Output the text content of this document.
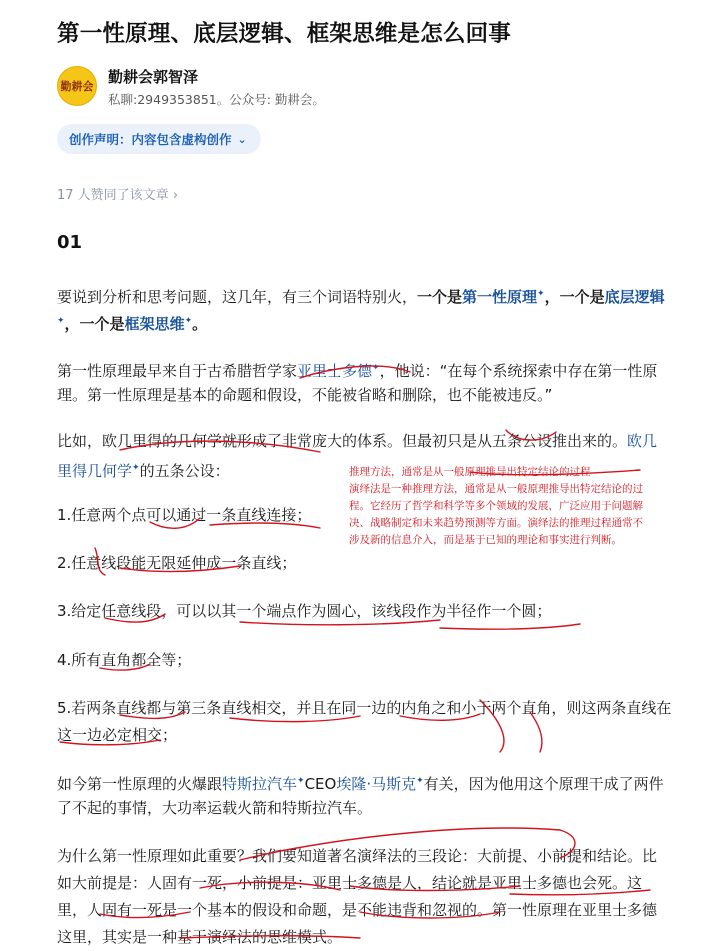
第一性原理、底层逻辑、框架思维是怎么回事
勤耕会
勤耕会郭智泽
私聊:2949353851。公众号: 勤耕会。
创作声明：内容包含虚构创作 ⌄
17 人赞同了该文章 ›
01
要说到分析和思考问题，这几年，有三个词语特别火，一个是第一性原理✦，一个是底层逻辑
✦，一个是框架思维✦。
第一性原理最早来自于古希腊哲学家亚里士多德✦，他说：“在每个系统探索中存在第一性原
理。第一性原理是基本的命题和假设，不能被省略和删除，也不能被违反。”
比如，欧几里得的几何学就形成了非常庞大的体系。但最初只是从五条公设推出来的。欧几
里得几何学✦的五条公设：
1.任意两个点可以通过一条直线连接；
2.任意线段能无限延伸成一条直线；
3.给定任意线段，可以以其一个端点作为圆心，该线段作为半径作一个圆；
4.所有直角都全等；
5.若两条直线都与第三条直线相交，并且在同一边的内角之和小于两个直角，则这两条直线在
这一边必定相交；
如今第一性原理的火爆跟特斯拉汽车✦CEO埃隆·马斯克✦有关，因为他用这个原理干成了两件
了不起的事情，大功率运载火箭和特斯拉汽车。
为什么第一性原理如此重要？我们要知道著名演绎法的三段论：大前提、小前提和结论。比
如大前提是：人固有一死，小前提是：亚里士多德是人，结论就是亚里士多德也会死。这
里，人固有一死是一个基本的假设和命题，是不能违背和忽视的。第一性原理在亚里士多德
这里，其实是一种基于演绎法的思维模式。
推理方法，通常是从一般原理推导出特定结论的过程
演绎法是一种推理方法，通常是从一般原理推导出特定结论的过
程。它经历了哲学和科学等多个领域的发展，广泛应用于问题解
决、战略制定和未来趋势预测等方面。演绎法的推理过程通常不
涉及新的信息介入，而是基于已知的理论和事实进行判断。
